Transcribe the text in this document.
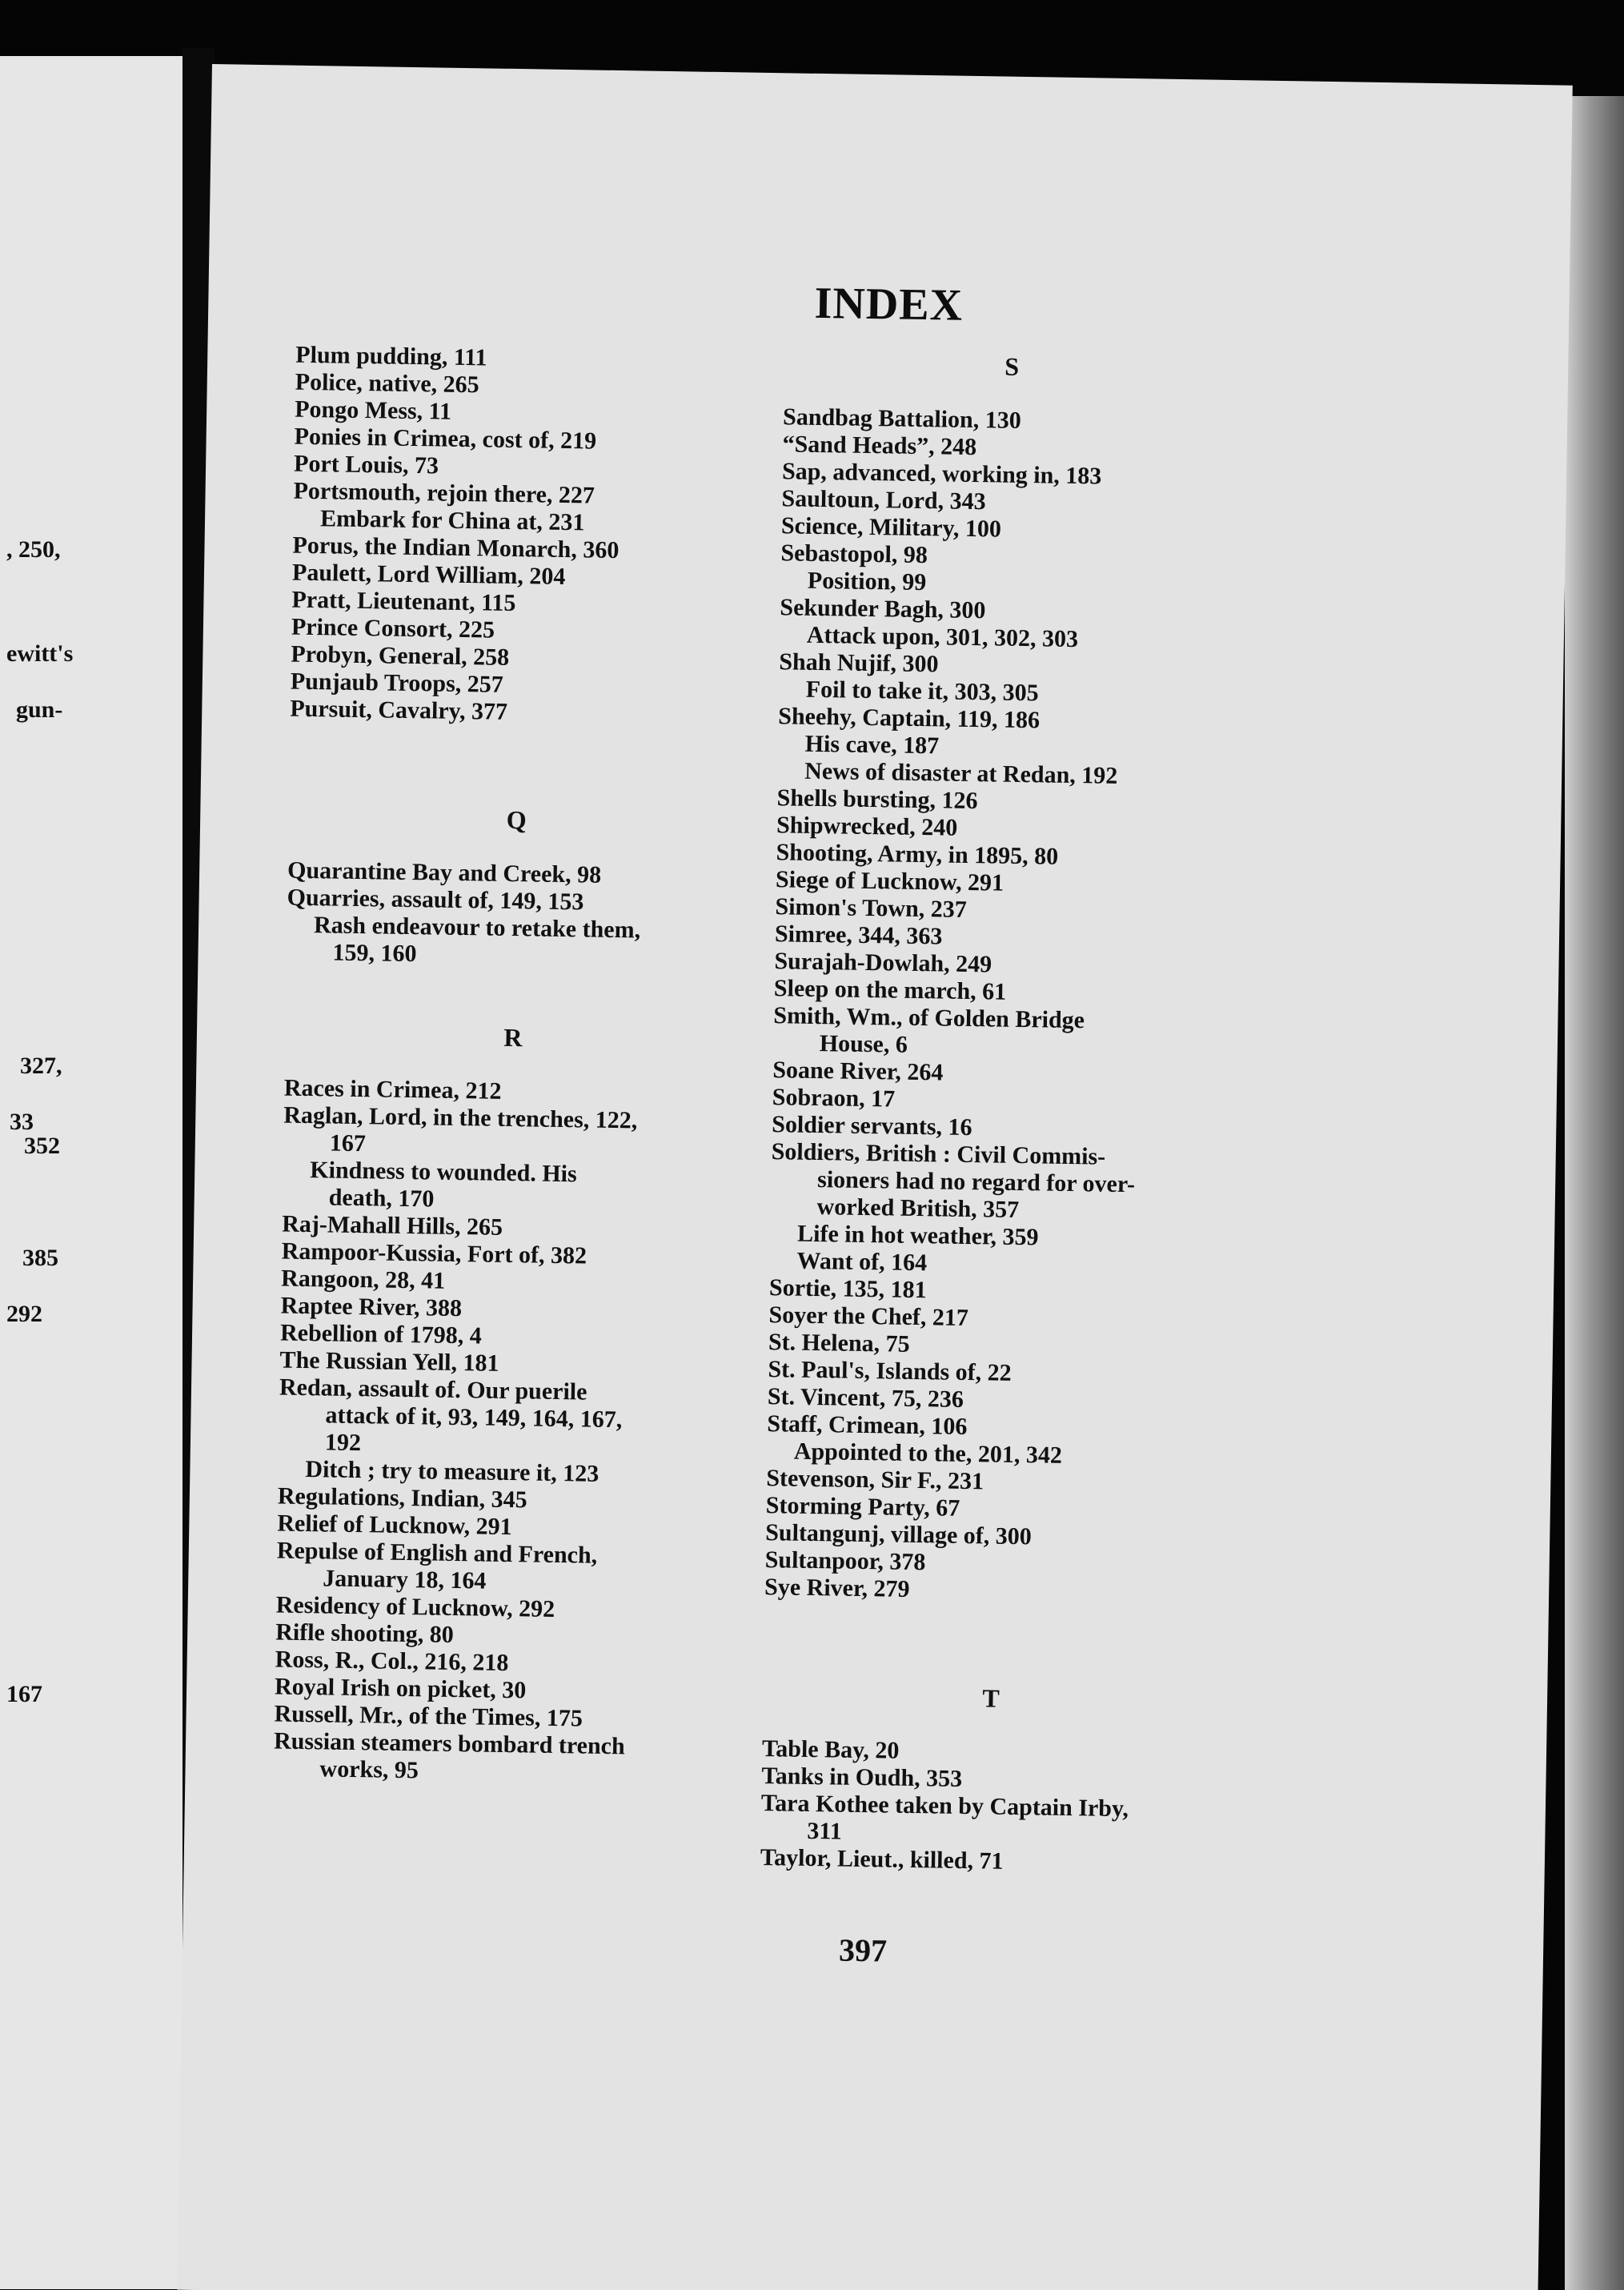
, 250,
ewitt's
gun-
327,
33
352
385
292
167
INDEX

Plum pudding, 111

Police, native, 265

Pongo Mess, 11

Ponies in Crimea, cost of, 219

Port Louis, 73

Portsmouth, rejoin there, 227

Embark for China at, 231

Porus, the Indian Monarch, 360

Paulett, Lord William, 204

Pratt, Lieutenant, 115

Prince Consort, 225

Probyn, General, 258

Punjaub Troops, 257

Pursuit, Cavalry, 377

Q

Quarantine Bay and Creek, 98

Quarries, assault of, 149, 153

Rash endeavour to retake them,

159, 160

R

Races in Crimea, 212

Raglan, Lord, in the trenches, 122,

167

Kindness to wounded. His

death, 170

Raj-Mahall Hills, 265

Rampoor-Kussia, Fort of, 382

Rangoon, 28, 41

Raptee River, 388

Rebellion of 1798, 4

The Russian Yell, 181

Redan, assault of. Our puerile

attack of it, 93, 149, 164, 167,

192

Ditch ; try to measure it, 123

Regulations, Indian, 345

Relief of Lucknow, 291

Repulse of English and French,

January 18, 164

Residency of Lucknow, 292

Rifle shooting, 80

Ross, R., Col., 216, 218

Royal Irish on picket, 30

Russell, Mr., of the Times, 175

Russian steamers bombard trench

works, 95

S

Sandbag Battalion, 130

“Sand Heads”, 248

Sap, advanced, working in, 183

Saultoun, Lord, 343

Science, Military, 100

Sebastopol, 98

Position, 99

Sekunder Bagh, 300

Attack upon, 301, 302, 303

Shah Nujif, 300

Foil to take it, 303, 305

Sheehy, Captain, 119, 186

His cave, 187

News of disaster at Redan, 192

Shells bursting, 126

Shipwrecked, 240

Shooting, Army, in 1895, 80

Siege of Lucknow, 291

Simon's Town, 237

Simree, 344, 363

Surajah-Dowlah, 249

Sleep on the march, 61

Smith, Wm., of Golden Bridge

House, 6

Soane River, 264

Sobraon, 17

Soldier servants, 16

Soldiers, British : Civil Commis-

sioners had no regard for over-

worked British, 357

Life in hot weather, 359

Want of, 164

Sortie, 135, 181

Soyer the Chef, 217

St. Helena, 75

St. Paul's, Islands of, 22

St. Vincent, 75, 236

Staff, Crimean, 106

Appointed to the, 201, 342

Stevenson, Sir F., 231

Storming Party, 67

Sultangunj, village of, 300

Sultanpoor, 378

Sye River, 279

T

Table Bay, 20

Tanks in Oudh, 353

Tara Kothee taken by Captain Irby,

311

Taylor, Lieut., killed, 71

397
